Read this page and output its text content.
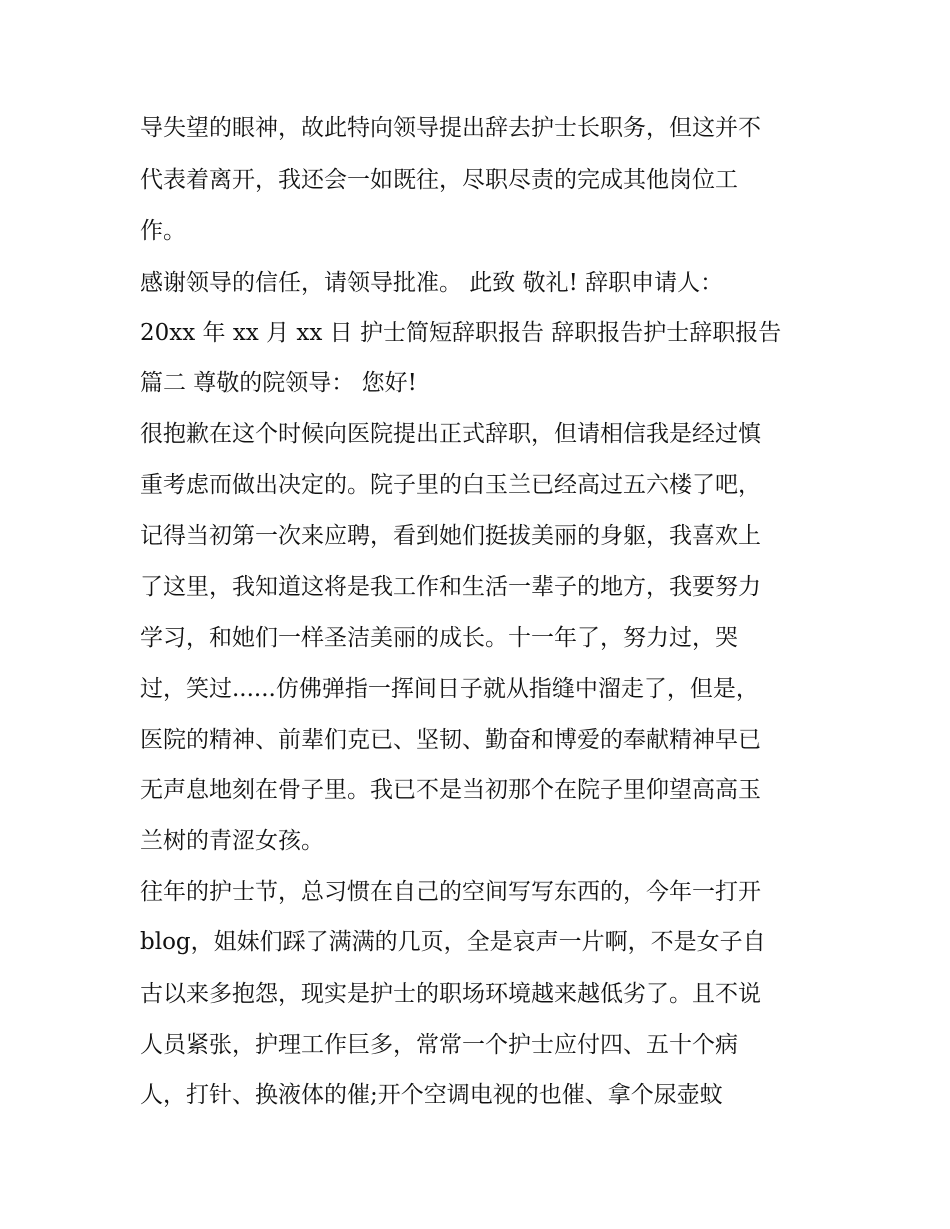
导失望的眼神，故此特向领导提出辞去护士长职务，但这并不

代表着离开，我还会一如既往，尽职尽责的完成其他岗位工

作。

感谢领导的信任，请领导批准。 此致 敬礼! 辞职申请人：

20xx 年 xx 月 xx 日 护士简短辞职报告 辞职报告护士辞职报告

篇二 尊敬的院领导： 您好!

很抱歉在这个时候向医院提出正式辞职，但请相信我是经过慎

重考虑而做出决定的。院子里的白玉兰已经高过五六楼了吧，

记得当初第一次来应聘，看到她们挺拔美丽的身躯，我喜欢上

了这里，我知道这将是我工作和生活一辈子的地方，我要努力

学习，和她们一样圣洁美丽的成长。十一年了，努力过，哭

过，笑过......仿佛弹指一挥间日子就从指缝中溜走了，但是，

医院的精神、前辈们克已、坚韧、勤奋和博爱的奉献精神早已

无声息地刻在骨子里。我已不是当初那个在院子里仰望高高玉

兰树的青涩女孩。

往年的护士节，总习惯在自己的空间写写东西的，今年一打开

blog，姐妹们踩了满满的几页，全是哀声一片啊，不是女子自

古以来多抱怨，现实是护士的职场环境越来越低劣了。且不说

人员紧张，护理工作巨多，常常一个护士应付四、五十个病

人，打针、换液体的催;开个空调电视的也催、拿个尿壶蚊
